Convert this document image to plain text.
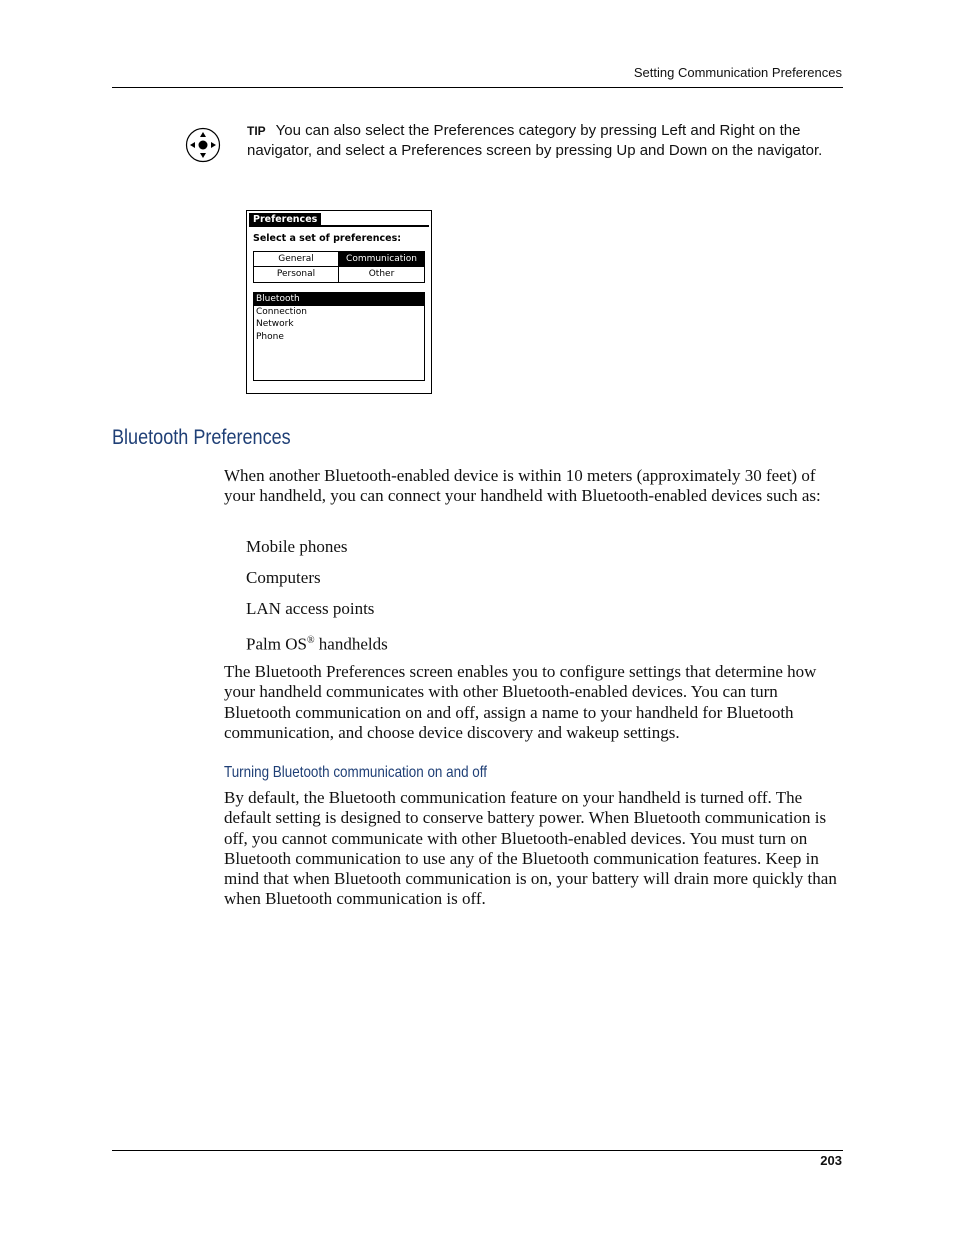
Setting Communication Preferences
TIP You can also select the Preferences category by pressing Left and Right on the navigator, and select a Preferences screen by pressing Up and Down on the navigator.
Preferences
Select a set of preferences:
General	Communication
Personal	Other
Bluetooth
Connection
Network
Phone
Bluetooth Preferences

When another Bluetooth-enabled device is within 10 meters (approximately 30 feet) of your handheld, you can connect your handheld with Bluetooth-enabled devices such as:

Mobile phones

Computers

LAN access points

Palm OS® handhelds

The Bluetooth Preferences screen enables you to configure settings that determine how your handheld communicates with other Bluetooth-enabled devices. You can turn Bluetooth communication on and off, assign a name to your handheld for Bluetooth communication, and choose device discovery and wakeup settings.

Turning Bluetooth communication on and off

By default, the Bluetooth communication feature on your handheld is turned off. The default setting is designed to conserve battery power. When Bluetooth communication is off, you cannot communicate with other Bluetooth-enabled devices. You must turn on Bluetooth communication to use any of the Bluetooth communication features. Keep in mind that when Bluetooth communication is on, your battery will drain more quickly than when Bluetooth communication is off.

203
